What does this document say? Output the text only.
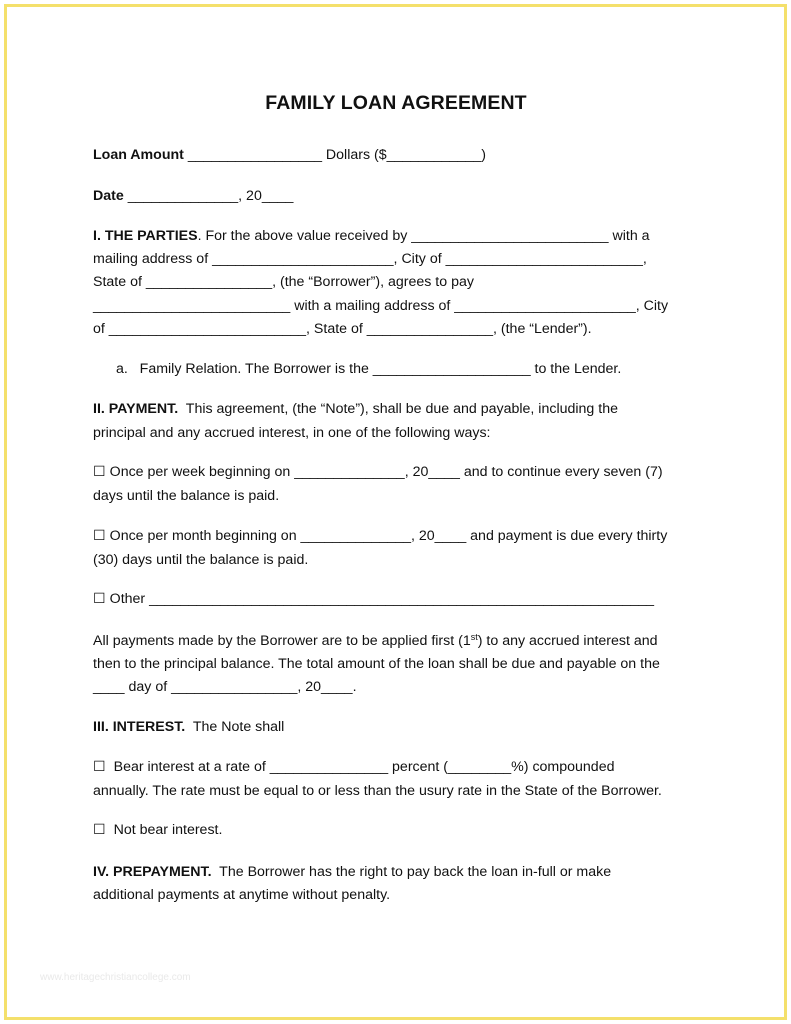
FAMILY LOAN AGREEMENT
Loan Amount _________________ Dollars ($____________)
Date ______________, 20____
I. THE PARTIES. For the above value received by _________________________ with a
mailing address of _______________________, City of _________________________,
State of ________________, (the “Borrower”), agrees to pay
_________________________ with a mailing address of _______________________, City
of _________________________, State of ________________, (the “Lender”).
a.   Family Relation. The Borrower is the ____________________ to the Lender.
II. PAYMENT.  This agreement, (the “Note”), shall be due and payable, including the
principal and any accrued interest, in one of the following ways:
☐ Once per week beginning on ______________, 20____ and to continue every seven (7)
days until the balance is paid.
☐ Once per month beginning on ______________, 20____ and payment is due every thirty
(30) days until the balance is paid.
☐ Other ________________________________________________________________
All payments made by the Borrower are to be applied first (1st) to any accrued interest and
then to the principal balance. The total amount of the loan shall be due and payable on the
____ day of ________________, 20____.
III. INTEREST.  The Note shall
☐  Bear interest at a rate of _______________ percent (________%) compounded
annually. The rate must be equal to or less than the usury rate in the State of the Borrower.
☐  Not bear interest.
IV. PREPAYMENT.  The Borrower has the right to pay back the loan in-full or make
additional payments at anytime without penalty.
www.heritagechristiancollege.com
